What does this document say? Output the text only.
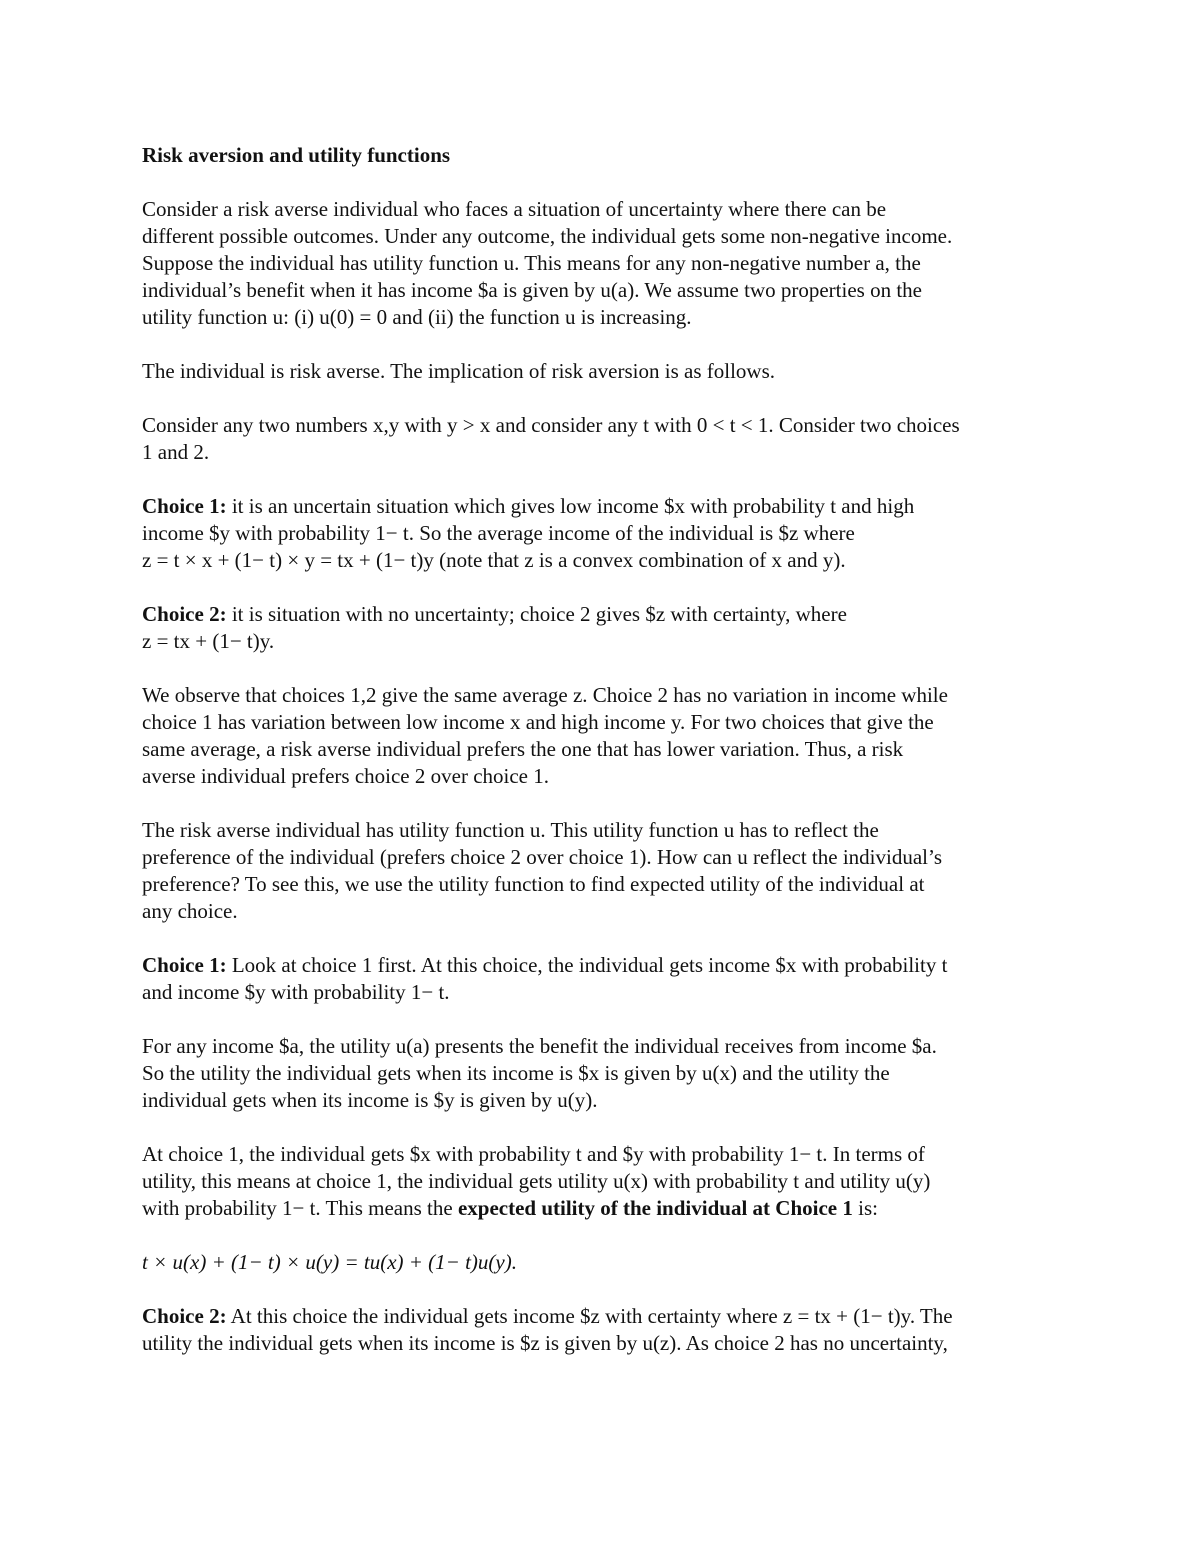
Risk aversion and utility functions
Consider a risk averse individual who faces a situation of uncertainty where there can be
different possible outcomes. Under any outcome, the individual gets some non-negative income.
Suppose the individual has utility function u. This means for any non-negative number a, the
individual’s benefit when it has income $a is given by u(a). We assume two properties on the
utility function u: (i) u(0) = 0 and (ii) the function u is increasing.
The individual is risk averse. The implication of risk aversion is as follows.
Consider any two numbers x,y with y > x and consider any t with 0 < t < 1. Consider two choices
1 and 2.
Choice 1: it is an uncertain situation which gives low income $x with probability t and high
income $y with probability 1− t. So the average income of the individual is $z where
z = t × x + (1− t) × y = tx + (1− t)y (note that z is a convex combination of x and y).
Choice 2: it is situation with no uncertainty; choice 2 gives $z with certainty, where
z = tx + (1− t)y.
We observe that choices 1,2 give the same average z. Choice 2 has no variation in income while
choice 1 has variation between low income x and high income y. For two choices that give the
same average, a risk averse individual prefers the one that has lower variation. Thus, a risk
averse individual prefers choice 2 over choice 1.
The risk averse individual has utility function u. This utility function u has to reflect the
preference of the individual (prefers choice 2 over choice 1). How can u reflect the individual’s
preference? To see this, we use the utility function to find expected utility of the individual at
any choice.
Choice 1: Look at choice 1 first. At this choice, the individual gets income $x with probability t
and income $y with probability 1− t.
For any income $a, the utility u(a) presents the benefit the individual receives from income $a.
So the utility the individual gets when its income is $x is given by u(x) and the utility the
individual gets when its income is $y is given by u(y).
At choice 1, the individual gets $x with probability t and $y with probability 1− t. In terms of
utility, this means at choice 1, the individual gets utility u(x) with probability t and utility u(y)
with probability 1− t. This means the expected utility of the individual at Choice 1 is:
t × u(x) + (1− t) × u(y) = tu(x) + (1− t)u(y).
Choice 2: At this choice the individual gets income $z with certainty where z = tx + (1− t)y. The
utility the individual gets when its income is $z is given by u(z). As choice 2 has no uncertainty,
